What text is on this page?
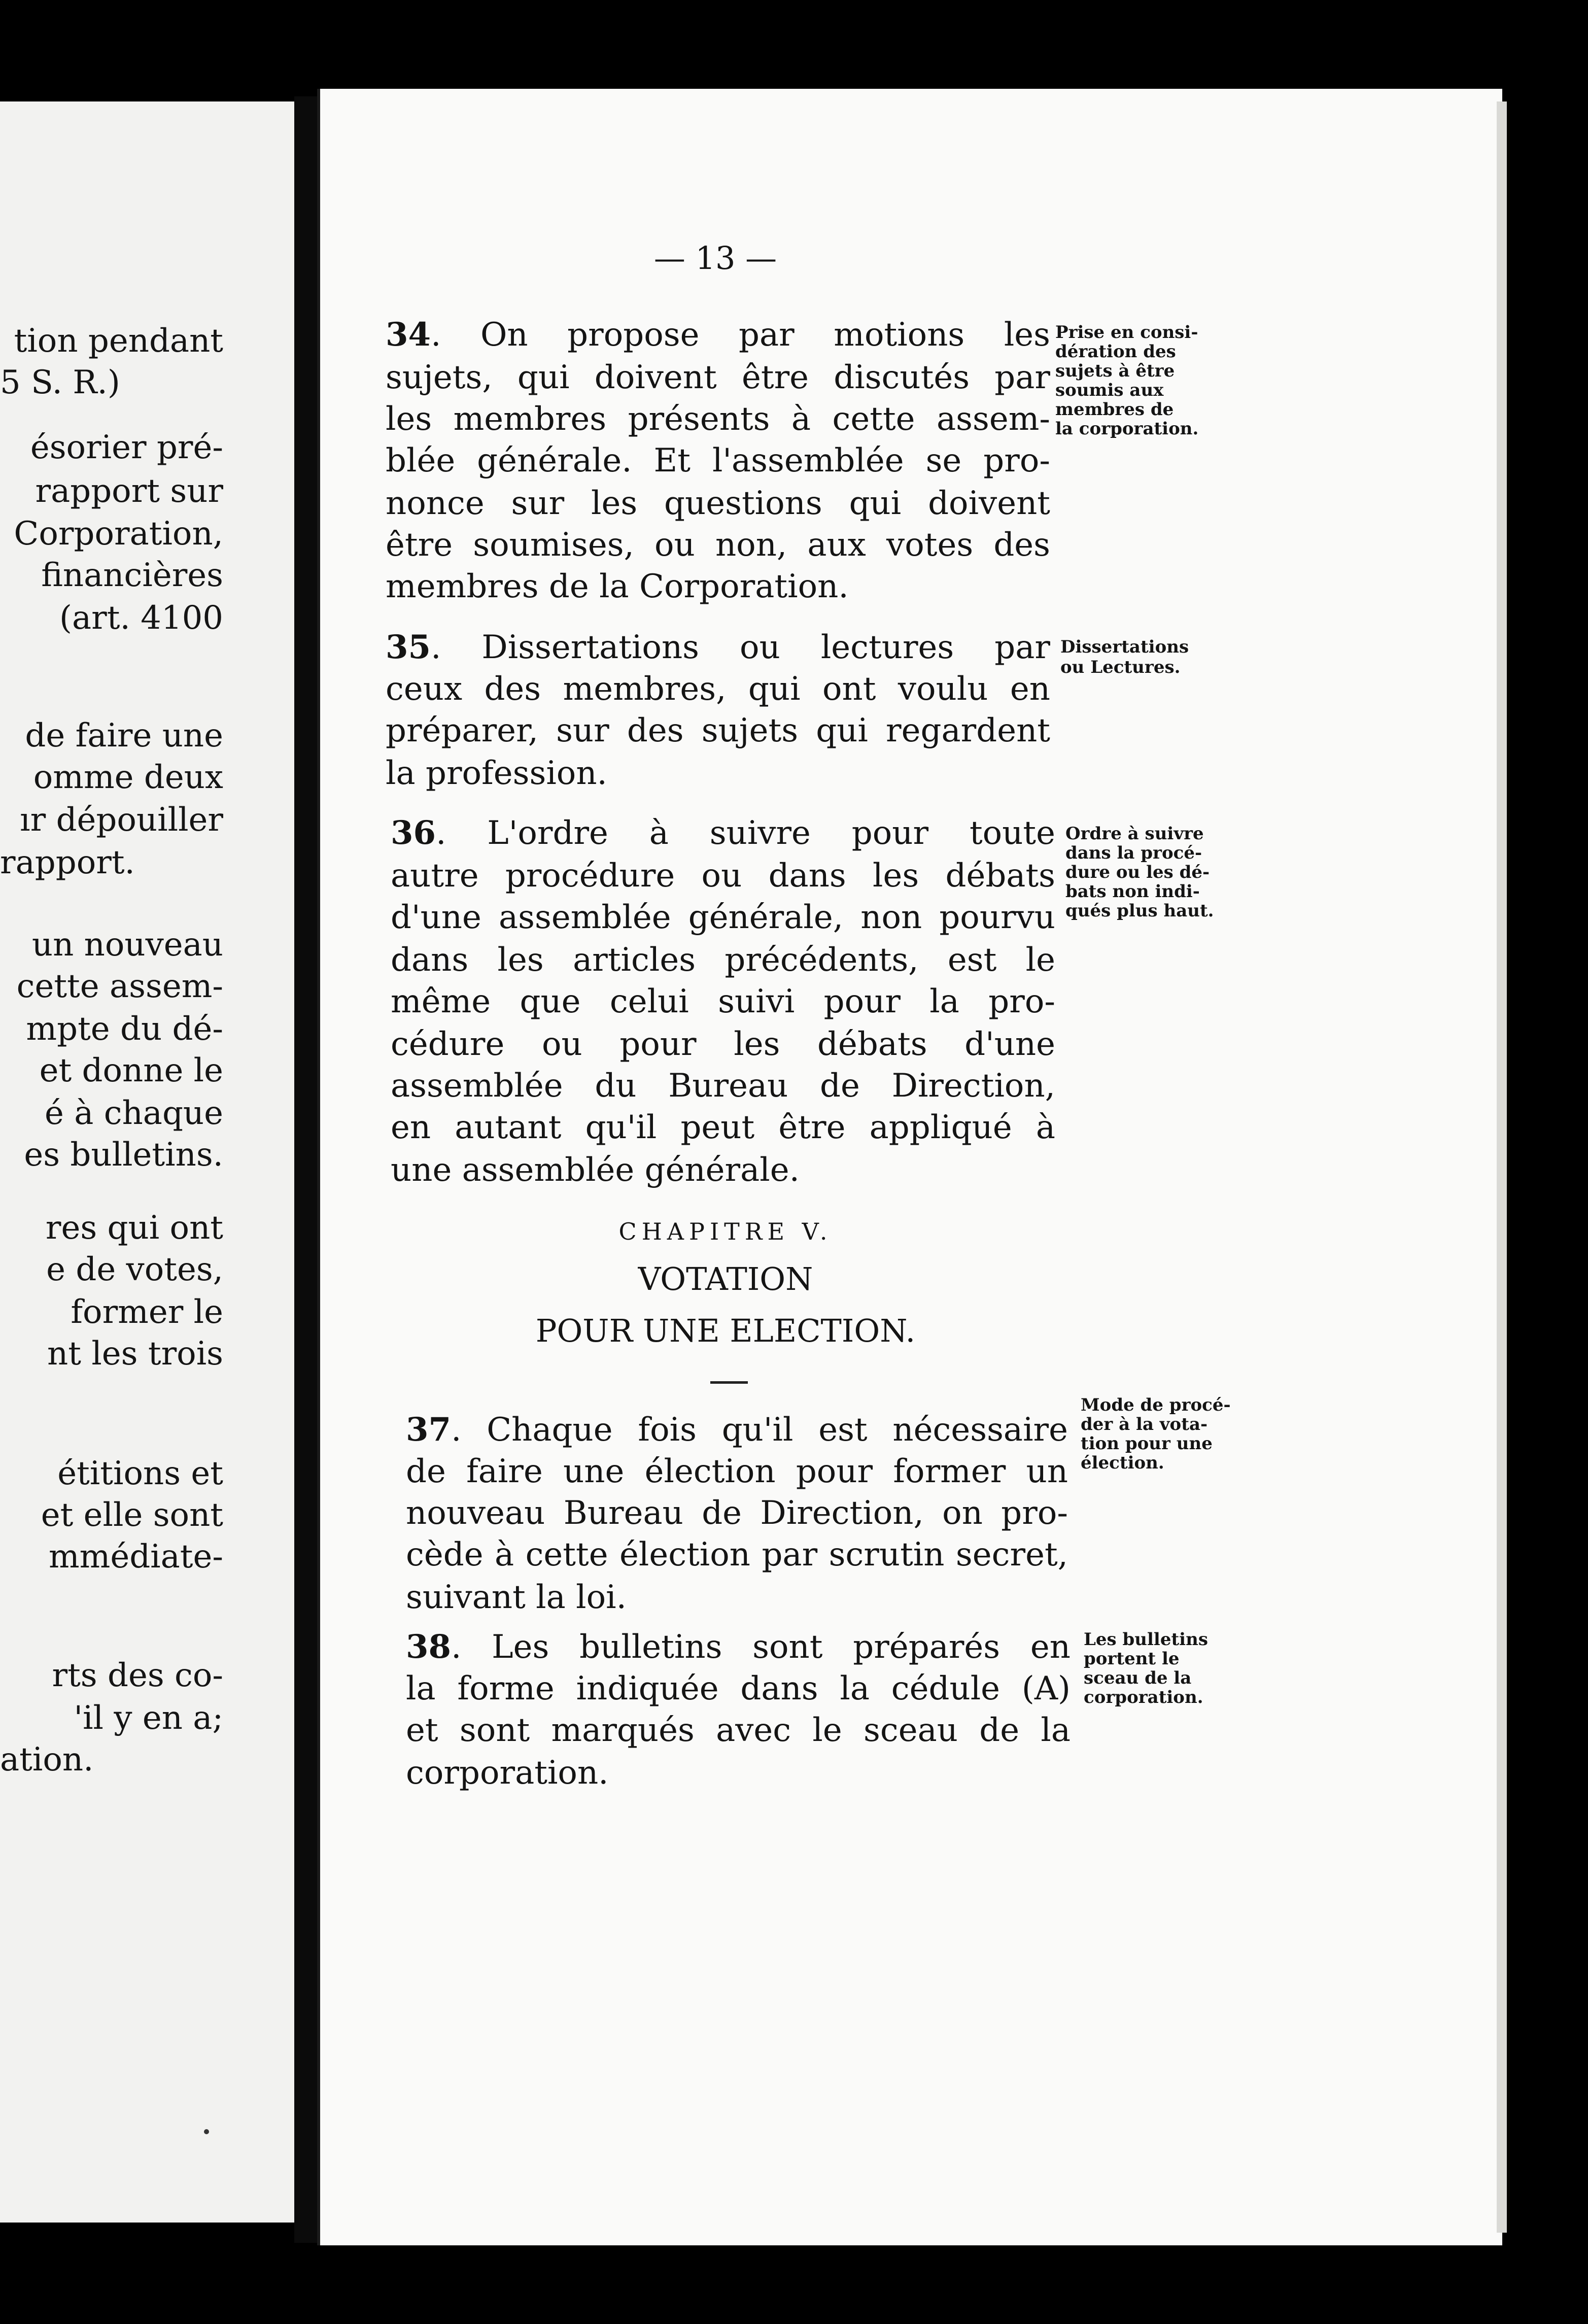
tion pendant
5 S. R.)
ésorier pré-
rapport sur
Corporation,
financières
(art. 4100
de faire une
omme deux
ır dépouiller
rapport.
un nouveau
cette assem-
mpte du dé-
et donne le
é à chaque
es bulletins.
res qui ont
e de votes,
former le
nt les trois
étitions et
et elle sont
mmédiate-
rts des co-
'il y en a;
ation.
— 13 —
34. On propose par motions les
sujets, qui doivent être discutés par
les membres présents à cette assem-
blée générale. Et l'assemblée se pro-
nonce sur les questions qui doivent
être soumises, ou non, aux votes des
membres de la Corporation.
Prise en consi-
dération des
sujets à être
soumis aux
membres de
la corporation.
35. Dissertations ou lectures par
ceux des membres, qui ont voulu en
préparer, sur des sujets qui regardent
la profession.
Dissertations
ou Lectures.
36. L'ordre à suivre pour toute
autre procédure ou dans les débats
d'une assemblée générale, non pourvu
dans les articles précédents, est le
même que celui suivi pour la pro-
cédure ou pour les débats d'une
assemblée du Bureau de Direction,
en autant qu'il peut être appliqué à
une assemblée générale.
Ordre à suivre
dans la procé-
dure ou les dé-
bats non indi-
qués plus haut.
CHAPITRE V.
VOTATION
POUR UNE ELECTION.
37. Chaque fois qu'il est nécessaire
de faire une élection pour former un
nouveau Bureau de Direction, on pro-
cède à cette élection par scrutin secret,
suivant la loi.
Mode de procé-
der à la vota-
tion pour une
élection.
38. Les bulletins sont préparés en
la forme indiquée dans la cédule (A)
et sont marqués avec le sceau de la
corporation.
Les bulletins
portent le
sceau de la
corporation.
